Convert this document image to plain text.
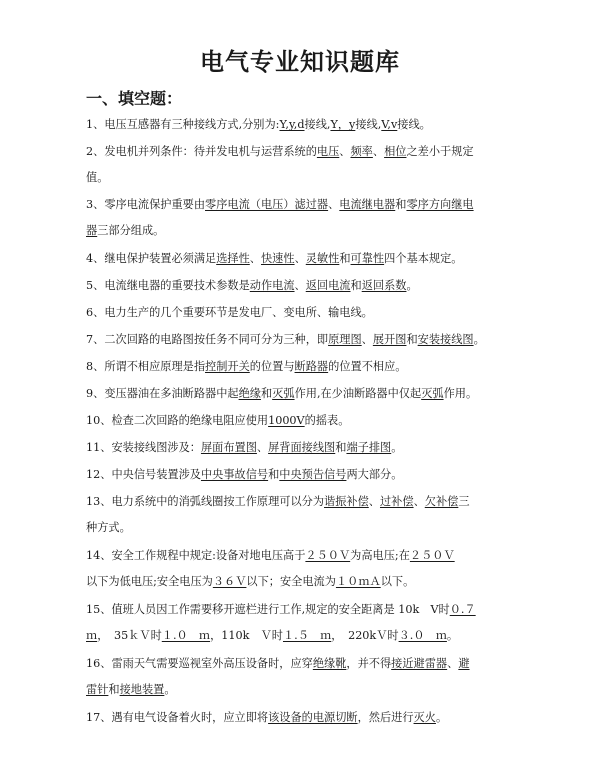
电气专业知识题库
一、填空题：
1、电压互感器有三种接线方式,分别为:Y,y,d接线,Y，y接线,V,v接线。
2、发电机并列条件：待并发电机与运营系统的电压、频率、相位之差小于规定
值。
3、零序电流保护重要由零序电流（电压）滤过器、电流继电器和零序方向继电
器三部分组成。
4、继电保护装置必须满足选择性、快速性、灵敏性和可靠性四个基本规定。
5、电流继电器的重要技术参数是动作电流、返回电流和返回系数。
6、电力生产的几个重要环节是发电厂、变电所、输电线。
7、二次回路的电路图按任务不同可分为三种，即原理图、展开图和安装接线图。
8、所谓不相应原理是指控制开关的位置与断路器的位置不相应。
9、变压器油在多油断路器中起绝缘和灭弧作用,在少油断路器中仅起灭弧作用。
10、检查二次回路的绝缘电阻应使用1000V的摇表。
11、安装接线图涉及：屏面布置图、屏背面接线图和端子排图。
12、中央信号装置涉及中央事故信号和中央预告信号两大部分。
13、电力系统中的消弧线圈按工作原理可以分为谐振补偿、过补偿、欠补偿三
种方式。
14、安全工作规程中规定:设备对地电压高于２５０Ｖ为高电压;在２５０Ｖ
以下为低电压;安全电压为３６Ｖ以下；安全电流为１０ｍＡ以下。
15、值班人员因工作需要移开遮栏进行工作,规定的安全距离是 10k　V时０.７
ｍ，　35ｋＶ时１.０　ｍ，110k　Ｖ时１.５　ｍ，　220kＶ时３.０　ｍ。
16、雷雨天气需要巡视室外高压设备时，应穿绝缘靴，并不得接近避雷器、避
雷针和接地装置。
17、遇有电气设备着火时，应立即将该设备的电源切断，然后进行灭火。
